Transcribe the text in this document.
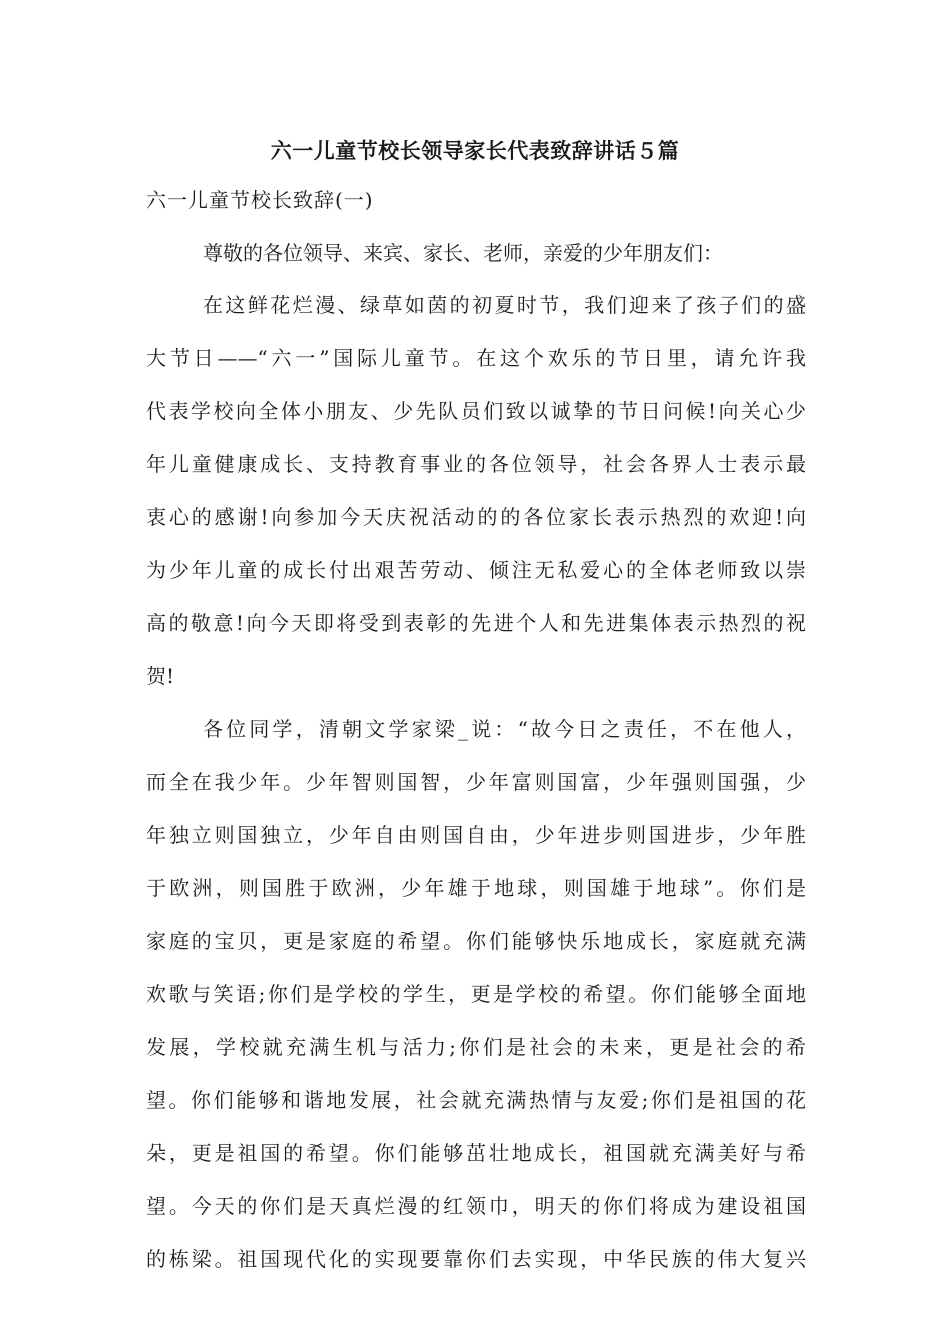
六一儿童节校长领导家长代表致辞讲话５篇
六一儿童节校长致辞(一)
尊敬的各位领导、来宾、家长、老师，亲爱的少年朋友们：
在这鲜花烂漫、绿草如茵的初夏时节，我们迎来了孩子们的盛
大节日——“六一”国际儿童节。在这个欢乐的节日里，请允许我
代表学校向全体小朋友、少先队员们致以诚挚的节日问候!向关心少
年儿童健康成长、支持教育事业的各位领导，社会各界人士表示最
衷心的感谢!向参加今天庆祝活动的的各位家长表示热烈的欢迎!向
为少年儿童的成长付出艰苦劳动、倾注无私爱心的全体老师致以崇
高的敬意!向今天即将受到表彰的先进个人和先进集体表示热烈的祝
贺!
各位同学，清朝文学家梁_说：“故今日之责任，不在他人，
而全在我少年。少年智则国智，少年富则国富，少年强则国强，少
年独立则国独立，少年自由则国自由，少年进步则国进步，少年胜
于欧洲，则国胜于欧洲，少年雄于地球，则国雄于地球”。你们是
家庭的宝贝，更是家庭的希望。你们能够快乐地成长，家庭就充满
欢歌与笑语;你们是学校的学生，更是学校的希望。你们能够全面地
发展，学校就充满生机与活力;你们是社会的未来，更是社会的希
望。你们能够和谐地发展，社会就充满热情与友爱;你们是祖国的花
朵，更是祖国的希望。你们能够茁壮地成长，祖国就充满美好与希
望。今天的你们是天真烂漫的红领巾，明天的你们将成为建设祖国
的栋梁。祖国现代化的实现要靠你们去实现，中华民族的伟大复兴
